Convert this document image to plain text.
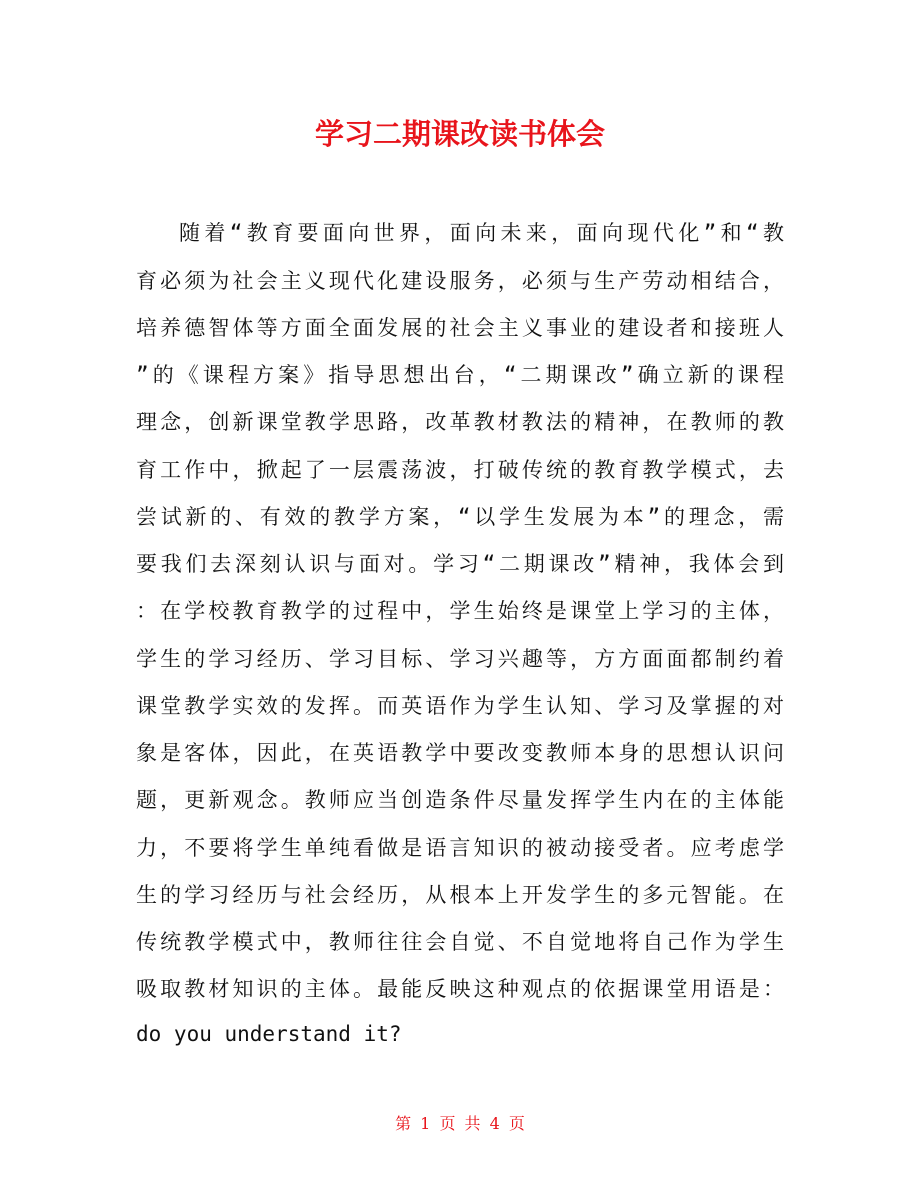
学习二期课改读书体会
随着“教育要面向世界，面向未来，面向现代化”和“教
育必须为社会主义现代化建设服务，必须与生产劳动相结合，
培养德智体等方面全面发展的社会主义事业的建设者和接班人
”的《课程方案》指导思想出台，“二期课改”确立新的课程
理念，创新课堂教学思路，改革教材教法的精神，在教师的教
育工作中，掀起了一层震荡波，打破传统的教育教学模式，去
尝试新的、有效的教学方案，“以学生发展为本”的理念，需
要我们去深刻认识与面对。学习“二期课改”精神，我体会到
：在学校教育教学的过程中，学生始终是课堂上学习的主体，
学生的学习经历、学习目标、学习兴趣等，方方面面都制约着
课堂教学实效的发挥。而英语作为学生认知、学习及掌握的对
象是客体，因此，在英语教学中要改变教师本身的思想认识问
题，更新观念。教师应当创造条件尽量发挥学生内在的主体能
力，不要将学生单纯看做是语言知识的被动接受者。应考虑学
生的学习经历与社会经历，从根本上开发学生的多元智能。在
传统教学模式中，教师往往会自觉、不自觉地将自己作为学生
吸取教材知识的主体。最能反映这种观点的依据课堂用语是：
do you understand it?
第 1 页 共 4 页
